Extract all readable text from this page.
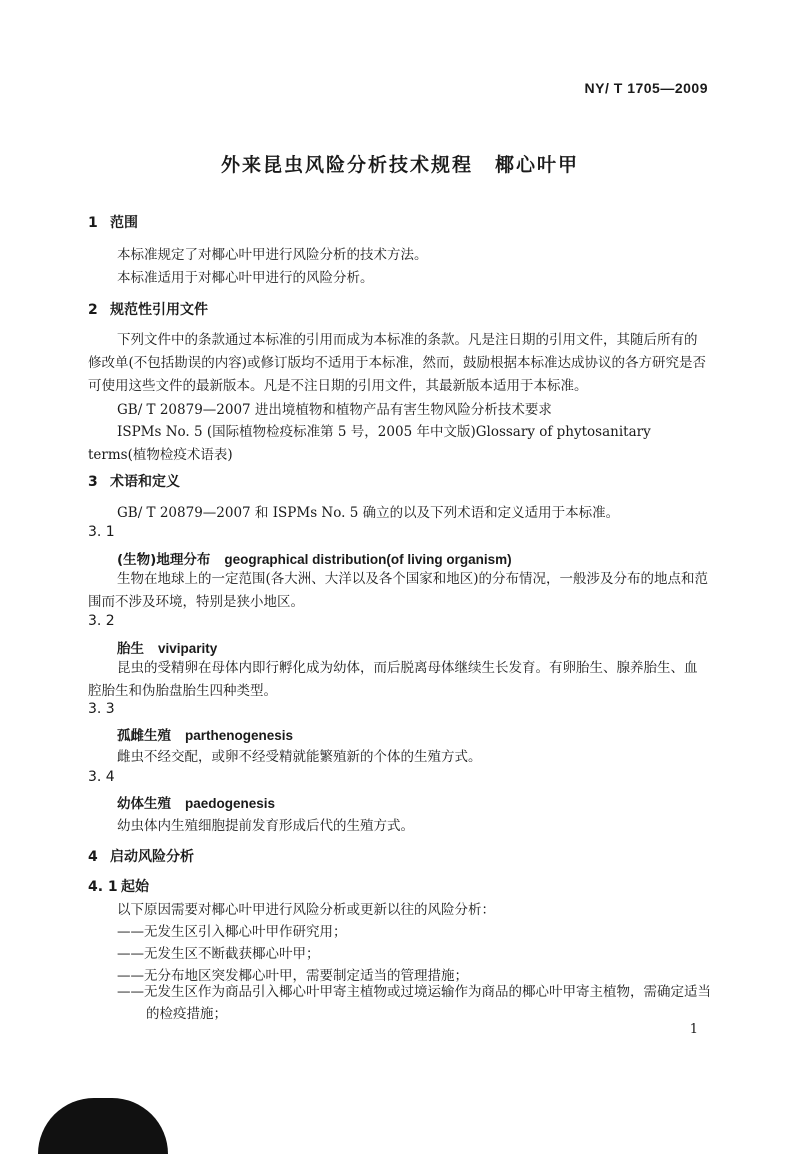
NY/ T 1705—2009
外来昆虫风险分析技术规程 椰心叶甲
1 范围
本标准规定了对椰心叶甲进行风险分析的技术方法。
本标准适用于对椰心叶甲进行的风险分析。
2 规范性引用文件
下列文件中的条款通过本标准的引用而成为本标准的条款。凡是注日期的引用文件，其随后所有的修改单(不包括勘误的内容)或修订版均不适用于本标准，然而，鼓励根据本标准达成协议的各方研究是否可使用这些文件的最新版本。凡是不注日期的引用文件，其最新版本适用于本标准。
GB/ T 20879—2007 进出境植物和植物产品有害生物风险分析技术要求
ISPMs No. 5 (国际植物检疫标准第 5 号，2005 年中文版)Glossary of phytosanitary terms(植物检疫术语表)
3 术语和定义
GB/ T 20879—2007 和 ISPMs No. 5 确立的以及下列术语和定义适用于本标准。
3. 1
(生物)地理分布 geographical distribution(of living organism)
生物在地球上的一定范围(各大洲、大洋以及各个国家和地区)的分布情况，一般涉及分布的地点和范围而不涉及环境，特别是狭小地区。
3. 2
胎生 viviparity
昆虫的受精卵在母体内即行孵化成为幼体，而后脱离母体继续生长发育。有卵胎生、腺养胎生、血腔胎生和伪胎盘胎生四种类型。
3. 3
孤雌生殖 parthenogenesis
雌虫不经交配，或卵不经受精就能繁殖新的个体的生殖方式。
3. 4
幼体生殖 paedogenesis
幼虫体内生殖细胞提前发育形成后代的生殖方式。
4 启动风险分析
4. 1 起始
以下原因需要对椰心叶甲进行风险分析或更新以往的风险分析：
——无发生区引入椰心叶甲作研究用；
——无发生区不断截获椰心叶甲；
——无分布地区突发椰心叶甲，需要制定适当的管理措施；
——无发生区作为商品引入椰心叶甲寄主植物或过境运输作为商品的椰心叶甲寄主植物，需确定适当的检疫措施；
1
